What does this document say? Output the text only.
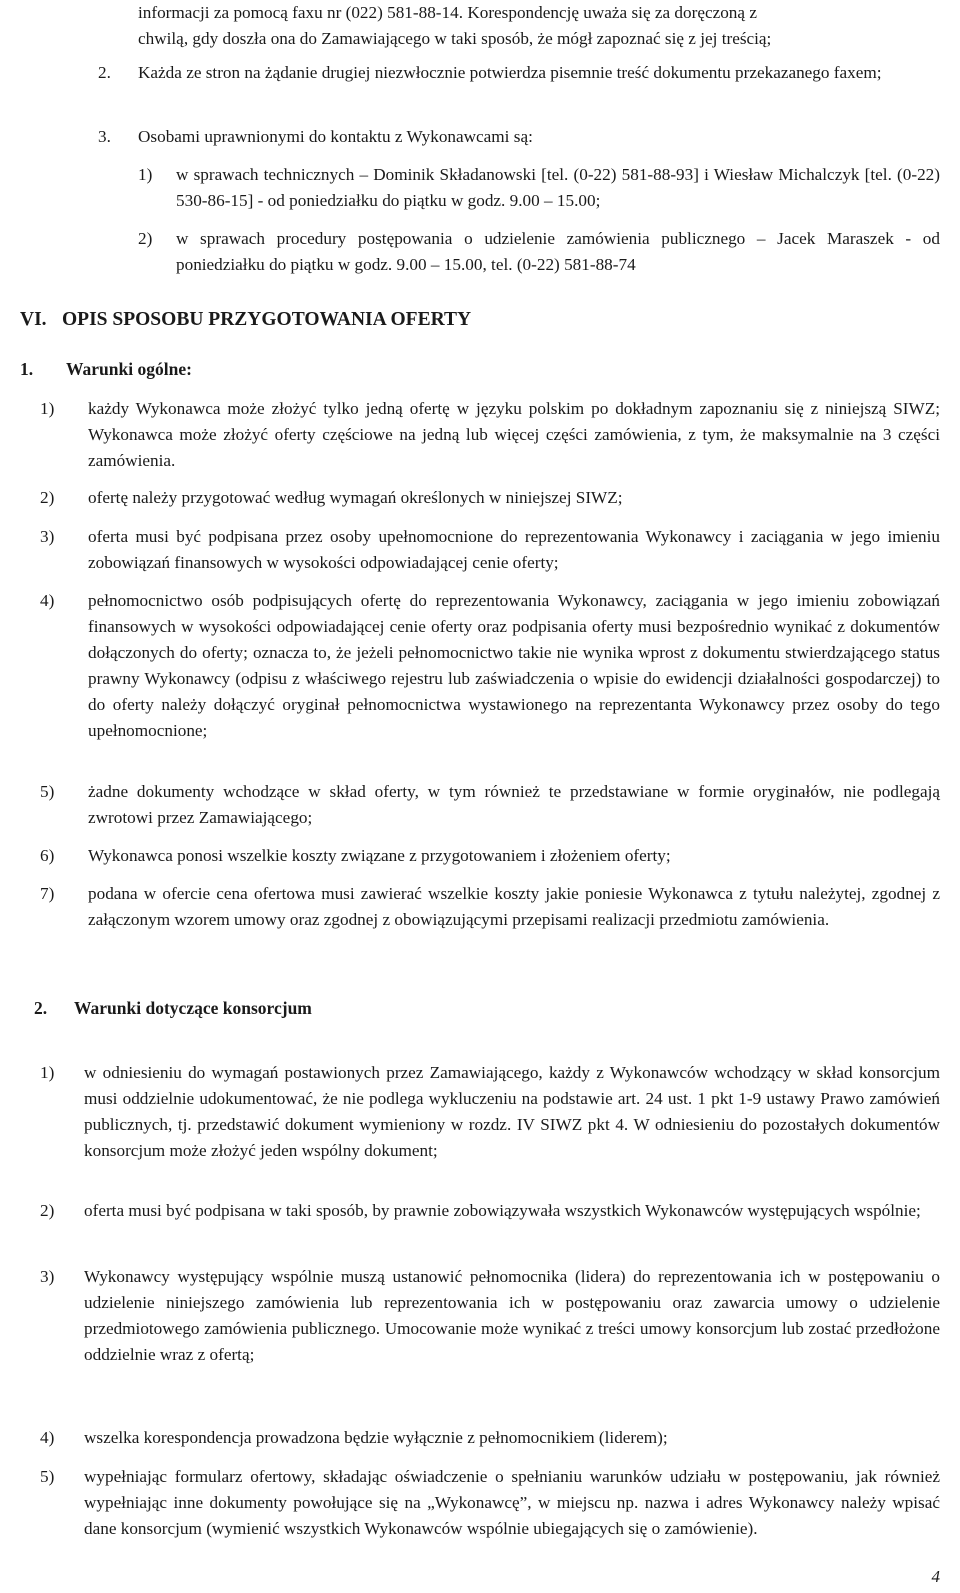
informacji za pomocą faxu nr (022) 581-88-14. Korespondencję uważa się za doręczoną z

chwilą, gdy doszła ona do Zamawiającego w taki sposób, że mógł zapoznać się z jej treścią;

2.	Każda ze stron na żądanie drugiej niezwłocznie potwierdza pisemnie treść dokumentu przekazanego faxem;
3.	Osobami uprawnionymi do kontaktu z Wykonawcami są:
1)	w sprawach technicznych – Dominik Składanowski [tel. (0-22) 581-88-93] i Wiesław Michalczyk [tel. (0-22) 530-86-15] - od poniedziałku do piątku w godz. 9.00 – 15.00;
2)	w sprawach procedury postępowania o udzielenie zamówienia publicznego – Jacek Maraszek - od poniedziałku do piątku w godz. 9.00 – 15.00, tel. (0-22) 581-88-74
VI. OPIS SPOSOBU PRZYGOTOWANIA OFERTY
1. Warunki ogólne:
1)	każdy Wykonawca może złożyć tylko jedną ofertę w języku polskim po dokładnym zapoznaniu się z niniejszą SIWZ; Wykonawca może złożyć oferty częściowe na jedną lub więcej części zamówienia, z tym, że maksymalnie na 3 części zamówienia.
2)	ofertę należy przygotować według wymagań określonych w niniejszej SIWZ;
3)	oferta musi być podpisana przez osoby upełnomocnione do reprezentowania Wykonawcy i zaciągania w jego imieniu zobowiązań finansowych w wysokości odpowiadającej cenie oferty;
4)	pełnomocnictwo osób podpisujących ofertę do reprezentowania Wykonawcy, zaciągania w jego imieniu zobowiązań finansowych w wysokości odpowiadającej cenie oferty oraz podpisania oferty musi bezpośrednio wynikać z dokumentów dołączonych do oferty; oznacza to, że jeżeli pełnomocnictwo takie nie wynika wprost z dokumentu stwierdzającego status prawny Wykonawcy (odpisu z właściwego rejestru lub zaświadczenia o wpisie do ewidencji działalności gospodarczej) to do oferty należy dołączyć oryginał pełnomocnictwa wystawionego na reprezentanta Wykonawcy przez osoby do tego upełnomocnione;
5)	żadne dokumenty wchodzące w skład oferty, w tym również te przedstawiane w formie oryginałów, nie podlegają zwrotowi przez Zamawiającego;
6)	Wykonawca ponosi wszelkie koszty związane z przygotowaniem i złożeniem oferty;
7)	podana w ofercie cena ofertowa musi zawierać wszelkie koszty jakie poniesie Wykonawca z tytułu należytej, zgodnej z załączonym wzorem umowy oraz zgodnej z obowiązującymi przepisami realizacji przedmiotu zamówienia.
2. Warunki dotyczące konsorcjum
1)	w odniesieniu do wymagań postawionych przez Zamawiającego, każdy z Wykonawców wchodzący w skład konsorcjum musi oddzielnie udokumentować, że nie podlega wykluczeniu na podstawie art. 24 ust. 1 pkt 1-9 ustawy Prawo zamówień publicznych, tj. przedstawić dokument wymieniony w rozdz. IV SIWZ pkt 4. W odniesieniu do pozostałych dokumentów konsorcjum może złożyć jeden wspólny dokument;
2)	oferta musi być podpisana w taki sposób, by prawnie zobowiązywała wszystkich Wykonawców występujących wspólnie;
3)	Wykonawcy występujący wspólnie muszą ustanowić pełnomocnika (lidera) do reprezentowania ich w postępowaniu o udzielenie niniejszego zamówienia lub reprezentowania ich w postępowaniu oraz zawarcia umowy o udzielenie przedmiotowego zamówienia publicznego. Umocowanie może wynikać z treści umowy konsorcjum lub zostać przedłożone oddzielnie wraz z ofertą;
4)	wszelka korespondencja prowadzona będzie wyłącznie z pełnomocnikiem (liderem);
5)	wypełniając formularz ofertowy, składając oświadczenie o spełnianiu warunków udziału w postępowaniu, jak również wypełniając inne dokumenty powołujące się na „Wykonawcę”, w miejscu np. nazwa i adres Wykonawcy należy wpisać dane konsorcjum (wymienić wszystkich Wykonawców wspólnie ubiegających się o zamówienie).
4
